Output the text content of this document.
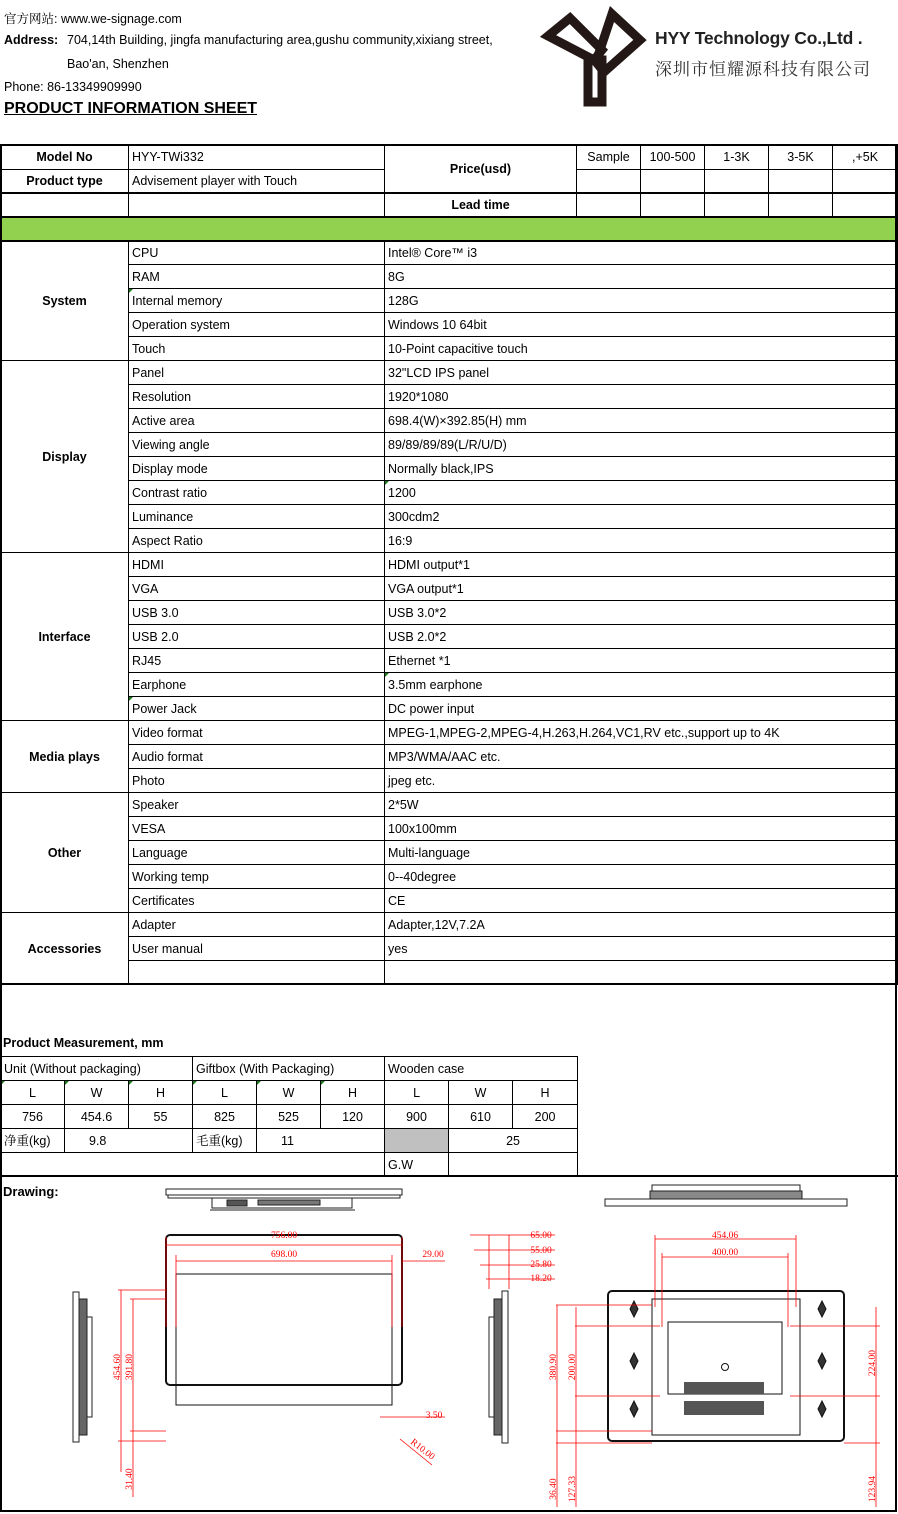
官方网站: www.we-signage.com
Address: 704,14th Building, jingfa manufacturing area,gushu community,xixiang street,
Bao'an, Shenzhen
Phone: 86-13349909990
PRODUCT INFORMATION SHEET
HYY Technology Co.,Ltd .
深圳市恒耀源科技有限公司
Model No	HYY-TWi332	Price(usd)	Sample	100-500	1-3K	3-5K	,+5K
Product type	Advisement player with Touch						
		Lead time					

System	CPU	Intel® Core™ i3
	RAM	8G
	Internal memory	128G
	Operation system	Windows 10 64bit
	Touch	10-Point capacitive touch
Display	Panel	32"LCD IPS panel
	Resolution	1920*1080
	Active area	698.4(W)×392.85(H) mm
	Viewing angle	89/89/89/89(L/R/U/D)
	Display mode	Normally black,IPS
	Contrast ratio	1200
	Luminance	300cdm2
	Aspect Ratio	16:9
Interface	HDMI	HDMI output*1
	VGA	VGA output*1
	USB 3.0	USB 3.0*2
	USB 2.0	USB 2.0*2
	RJ45	Ethernet *1
	Earphone	3.5mm earphone
	Power Jack	DC power input
Media plays	Video format	MPEG-1,MPEG-2,MPEG-4,H.263,H.264,VC1,RV etc.,support up to 4K
	Audio format	MP3/WMA/AAC etc.
	Photo	jpeg etc.
Other	Speaker	2*5W
	VESA	100x100mm
	Language	Multi-language
	Working temp	0--40degree
	Certificates	CE
Accessories	Adapter	Adapter,12V,7.2A
	User manual	yes

Product Measurement, mm
Unit (Without packaging)			Giftbox (With Packaging)			Wooden case		
L	W	H	L	W	H	L	W	H
756	454.6	55	825	525	120	900	610	200
净重(kg)	9.8		毛重(kg)	11			25	
						G.W		
Drawing:
756.00
698.00	29.00
454.60 391.80
31.40
3.50
R10.00
65.00
55.00
25.80
18.20
454.06
400.00
380.90 200.00	224.00
36.40 127.33	123.94
